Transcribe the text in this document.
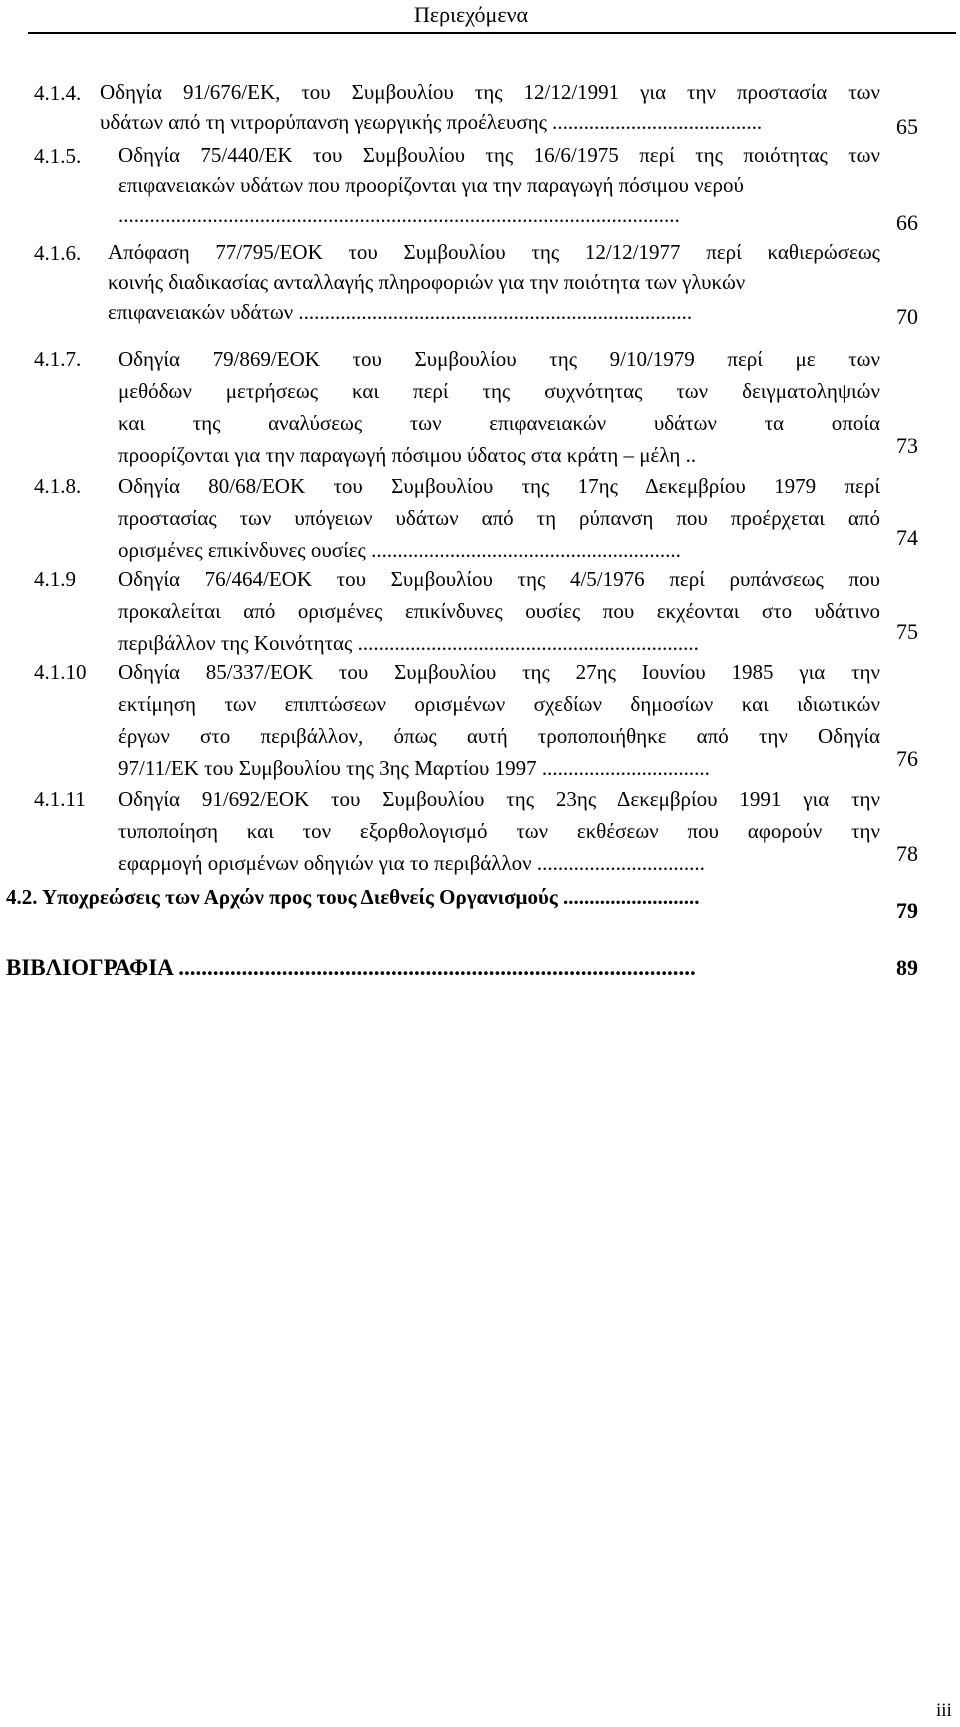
Περιεχόμενα
4.1.4. Οδηγία 91/676/ΕΚ, του Συμβουλίου της 12/12/1991 για την προστασία των
υδάτων από τη νιτρορύπανση γεωργικής προέλευσης ........................................	65
4.1.5. Οδηγία 75/440/ΕΚ του Συμβουλίου της 16/6/1975 περί της ποιότητας των
επιφανειακών υδάτων που προορίζονται για την παραγωγή πόσιμου νερού
...........................................................................................................	66
4.1.6. Απόφαση 77/795/ΕΟΚ του Συμβουλίου της 12/12/1977 περί καθιερώσεως
κοινής διαδικασίας ανταλλαγής πληροφοριών για την ποιότητα των γλυκών
επιφανειακών υδάτων ...........................................................................	70
4.1.7. Οδηγία 79/869/ΕΟΚ του Συμβουλίου της 9/10/1979 περί με των
μεθόδων μετρήσεως και περί της συχνότητας των δειγματοληψιών
και της αναλύσεως των επιφανειακών υδάτων τα οποία
προορίζονται για την παραγωγή πόσιμου ύδατος στα κράτη – μέλη ..	73
4.1.8. Οδηγία 80/68/ΕΟΚ του Συμβουλίου της 17ης Δεκεμβρίου 1979 περί
προστασίας των υπόγειων υδάτων από τη ρύπανση που προέρχεται από
ορισμένες επικίνδυνες ουσίες ...........................................................	74
4.1.9 Οδηγία 76/464/ΕΟΚ του Συμβουλίου της 4/5/1976 περί ρυπάνσεως που
προκαλείται από ορισμένες επικίνδυνες ουσίες που εκχέονται στο υδάτινο
περιβάλλον της Κοινότητας .................................................................	75
4.1.10 Οδηγία 85/337/ΕΟΚ του Συμβουλίου της 27ης Ιουνίου 1985 για την
εκτίμηση των επιπτώσεων ορισμένων σχεδίων δημοσίων και ιδιωτικών
έργων στο περιβάλλον, όπως αυτή τροποποιήθηκε από την Οδηγία
97/11/ΕΚ του Συμβουλίου της 3ης Μαρτίου 1997 ................................	76
4.1.11 Οδηγία 91/692/ΕΟΚ του Συμβουλίου της 23ης Δεκεμβρίου 1991 για την
τυποποίηση και τον εξορθολογισμό των εκθέσεων που αφορούν την
εφαρμογή ορισμένων οδηγιών για το περιβάλλον ................................	78
4.2. Υποχρεώσεις των Αρχών προς τους Διεθνείς Οργανισμούς ..........................
79
ΒΙΒΛΙΟΓΡΑΦΙΑ ..........................................................................................	89
iii
